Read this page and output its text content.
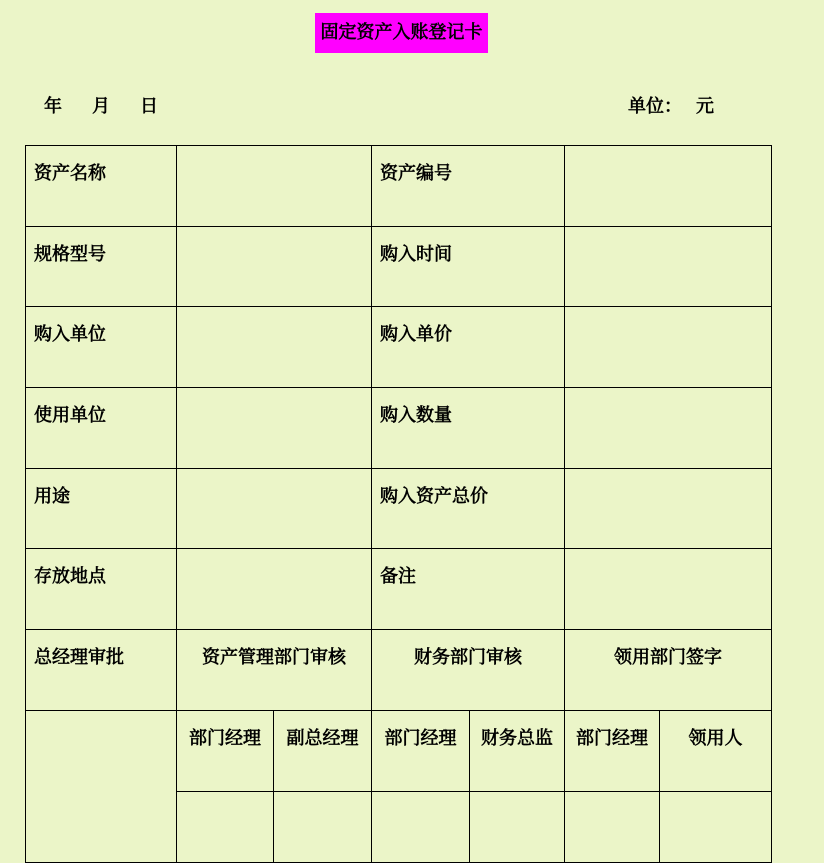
固定资产入账登记卡
年 月 日	单位： 元
资产名称			资产编号			
规格型号			购入时间			
购入单位			购入单价			
使用单位			购入数量			
用途			购入资产总价			
存放地点			备注			
总经理审批	资产管理部门审核		财务部门审核		领用部门签字	
	部门经理	副总经理	部门经理	财务总监	部门经理	领用人
